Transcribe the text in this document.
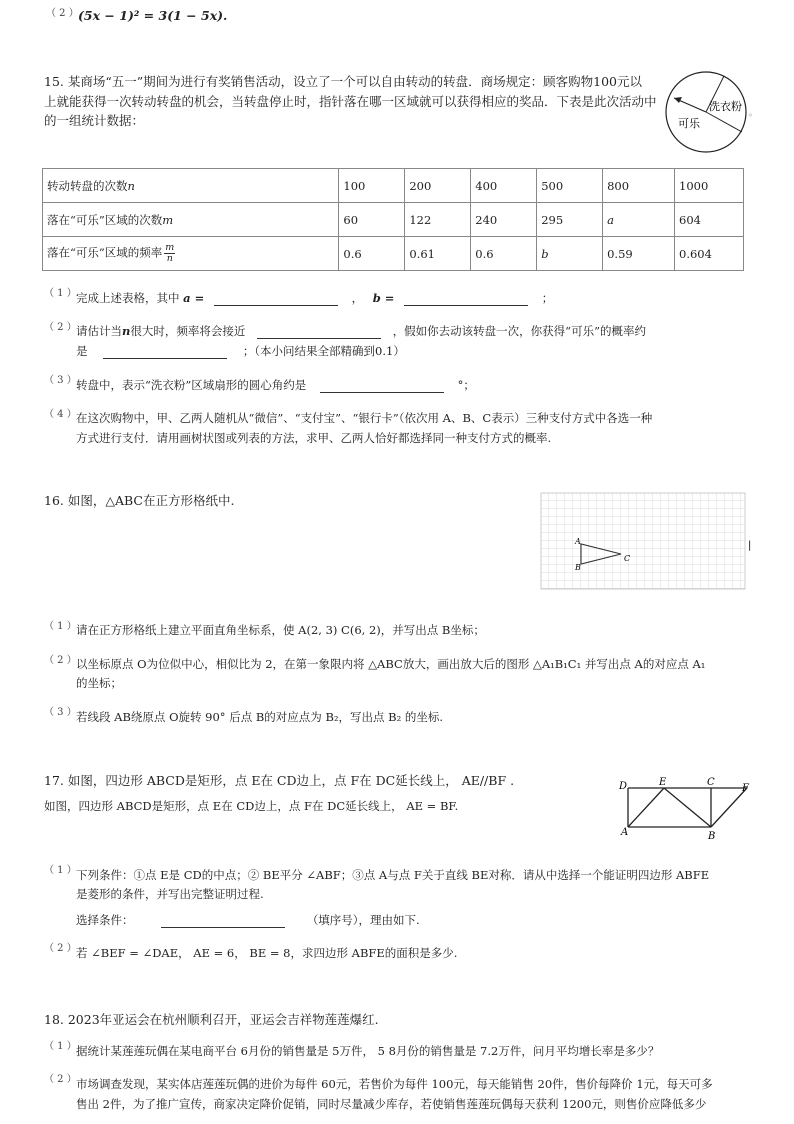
（ 2 ） (5x − 1)² = 3(1 − 5x).
15. 某商场“五一”期间为进行有奖销售活动，设立了一个可以自由转动的转盘．商场规定：顾客购物100元以
上就能获得一次转动转盘的机会，当转盘停止时，指针落在哪一区域就可以获得相应的奖品．下表是此次活动中
的一组统计数据：
洗衣粉
可乐
◦
转动转盘的次数n	100	200	400	500	800	1000
落在“可乐”区域的次数m	60	122	240	295	a	604
落在“可乐”区域的频率 $\frac{m}{n}$	0.6	0.61	0.6	b	0.59	0.604
（ 1 ） 完成上述表格，其中 a =	， b =	；
（ 2 ） 请估计当n很大时，频率将会接近	，假如你去动该转盘一次，你获得“可乐”的概率约
是	；（本小问结果全部精确到0.1）
（ 3 ） 转盘中，表示“洗衣粉”区域扇形的圆心角约是	°；
（ 4 ） 在这次购物中，甲、乙两人随机从“微信”、“支付宝”、“银行卡”（依次用 A、B、C表示）三种支付方式中各选一种
方式进行支付．请用画树状图或列表的方法，求甲、乙两人恰好都选择同一种支付方式的概率.
16. 如图，△ABC在正方形格纸中.
A
B
C
|
（ 1 ） 请在正方形格纸上建立平面直角坐标系，使 A(2, 3) C(6, 2)，并写出点 B坐标；
（ 2 ） 以坐标原点 O为位似中心，相似比为 2，在第一象限内将 △ABC放大，画出放大后的图形 △A₁B₁C₁ 并写出点 A的对应点 A₁
的坐标；
（ 3 ） 若线段 AB绕原点 O旋转 90° 后点 B的对应点为 B₂，写出点 B₂ 的坐标.
17. 如图，四边形 ABCD是矩形，点 E在 CD边上，点 F在 DC延长线上， AE//BF .
如图，四边形 ABCD是矩形，点 E在 CD边上，点 F在 DC延长线上， AE = BF.
D	E	C
F
A	B
（ 1 ） 下列条件：①点 E是 CD的中点；② BE平分 ∠ABF；③点 A与点 F关于直线 BE对称．请从中选择一个能证明四边形 ABFE
是菱形的条件，并写出完整证明过程.
选择条件：	（填序号），理由如下.
（ 2 ） 若 ∠BEF = ∠DAE， AE = 6， BE = 8，求四边形 ABFE的面积是多少.
18. 2023年亚运会在杭州顺利召开，亚运会吉祥物莲莲爆红.
（ 1 ） 据统计某莲莲玩偶在某电商平台 6月份的销售量是 5万件， 5 8月份的销售量是 7.2万件，问月平均增长率是多少？
（ 2 ） 市场调查发现，某实体店莲莲玩偶的进价为每件 60元，若售价为每件 100元，每天能销售 20件，售价每降价 1元，每天可多
售出 2件，为了推广宣传，商家决定降价促销，同时尽量减少库存，若使销售莲莲玩偶每天获利 1200元，则售价应降低多少
